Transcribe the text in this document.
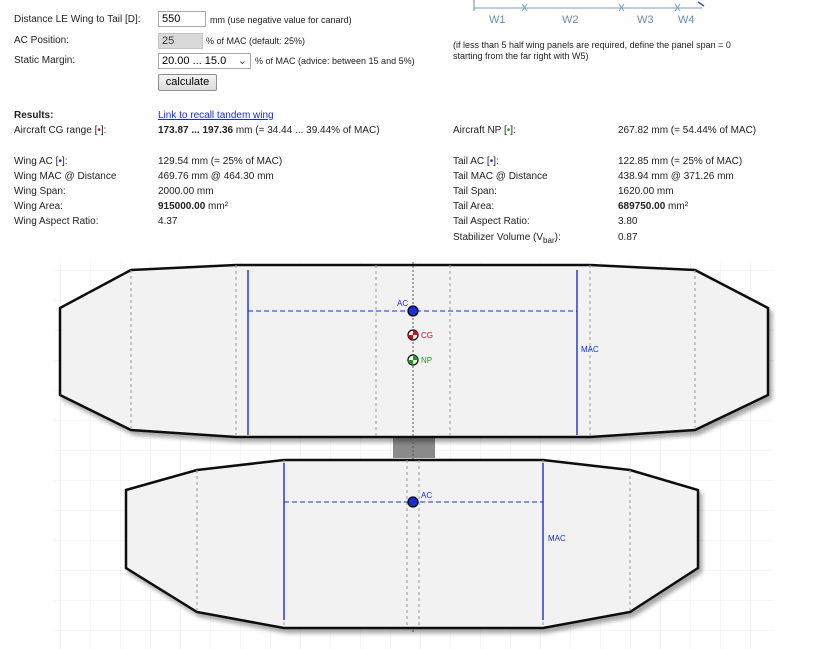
Distance LE Wing to Tail [D]:	550	mm (use negative value for canard)
AC Position:	25	% of MAC (default: 25%)
Static Margin:	20.00 ... 15.0 ⌄ % of MAC (advice: between 15 and 5%)
calculate
W1	W2	W3 W4
(if less than 5 half wing panels are required, define the panel span = 0
starting from the far right with W5)
Results:	Link to recall tandem wing
Aircraft CG range [•]:	173.87 ... 197.36 mm (= 34.44 ... 39.44% of MAC)	Aircraft NP [•]:	267.82 mm (= 54.44% of MAC)
Wing AC [•]:	129.54 mm (= 25% of MAC)
Wing MAC @ Distance	469.76 mm @ 464.30 mm
Wing Span:	2000.00 mm
Wing Area:	915000.00 mm²
Wing Aspect Ratio:	4.37
Tail AC [•]:	122.85 mm (= 25% of MAC)
Tail MAC @ Distance	438.94 mm @ 371.26 mm
Tail Span:	1620.00 mm
Tail Area:	689750.00 mm²
Tail Aspect Ratio:	3.80
Stabilizer Volume $(V_{bar})$:	0.87
AC
CG
NP
MAC
AC
MAC
